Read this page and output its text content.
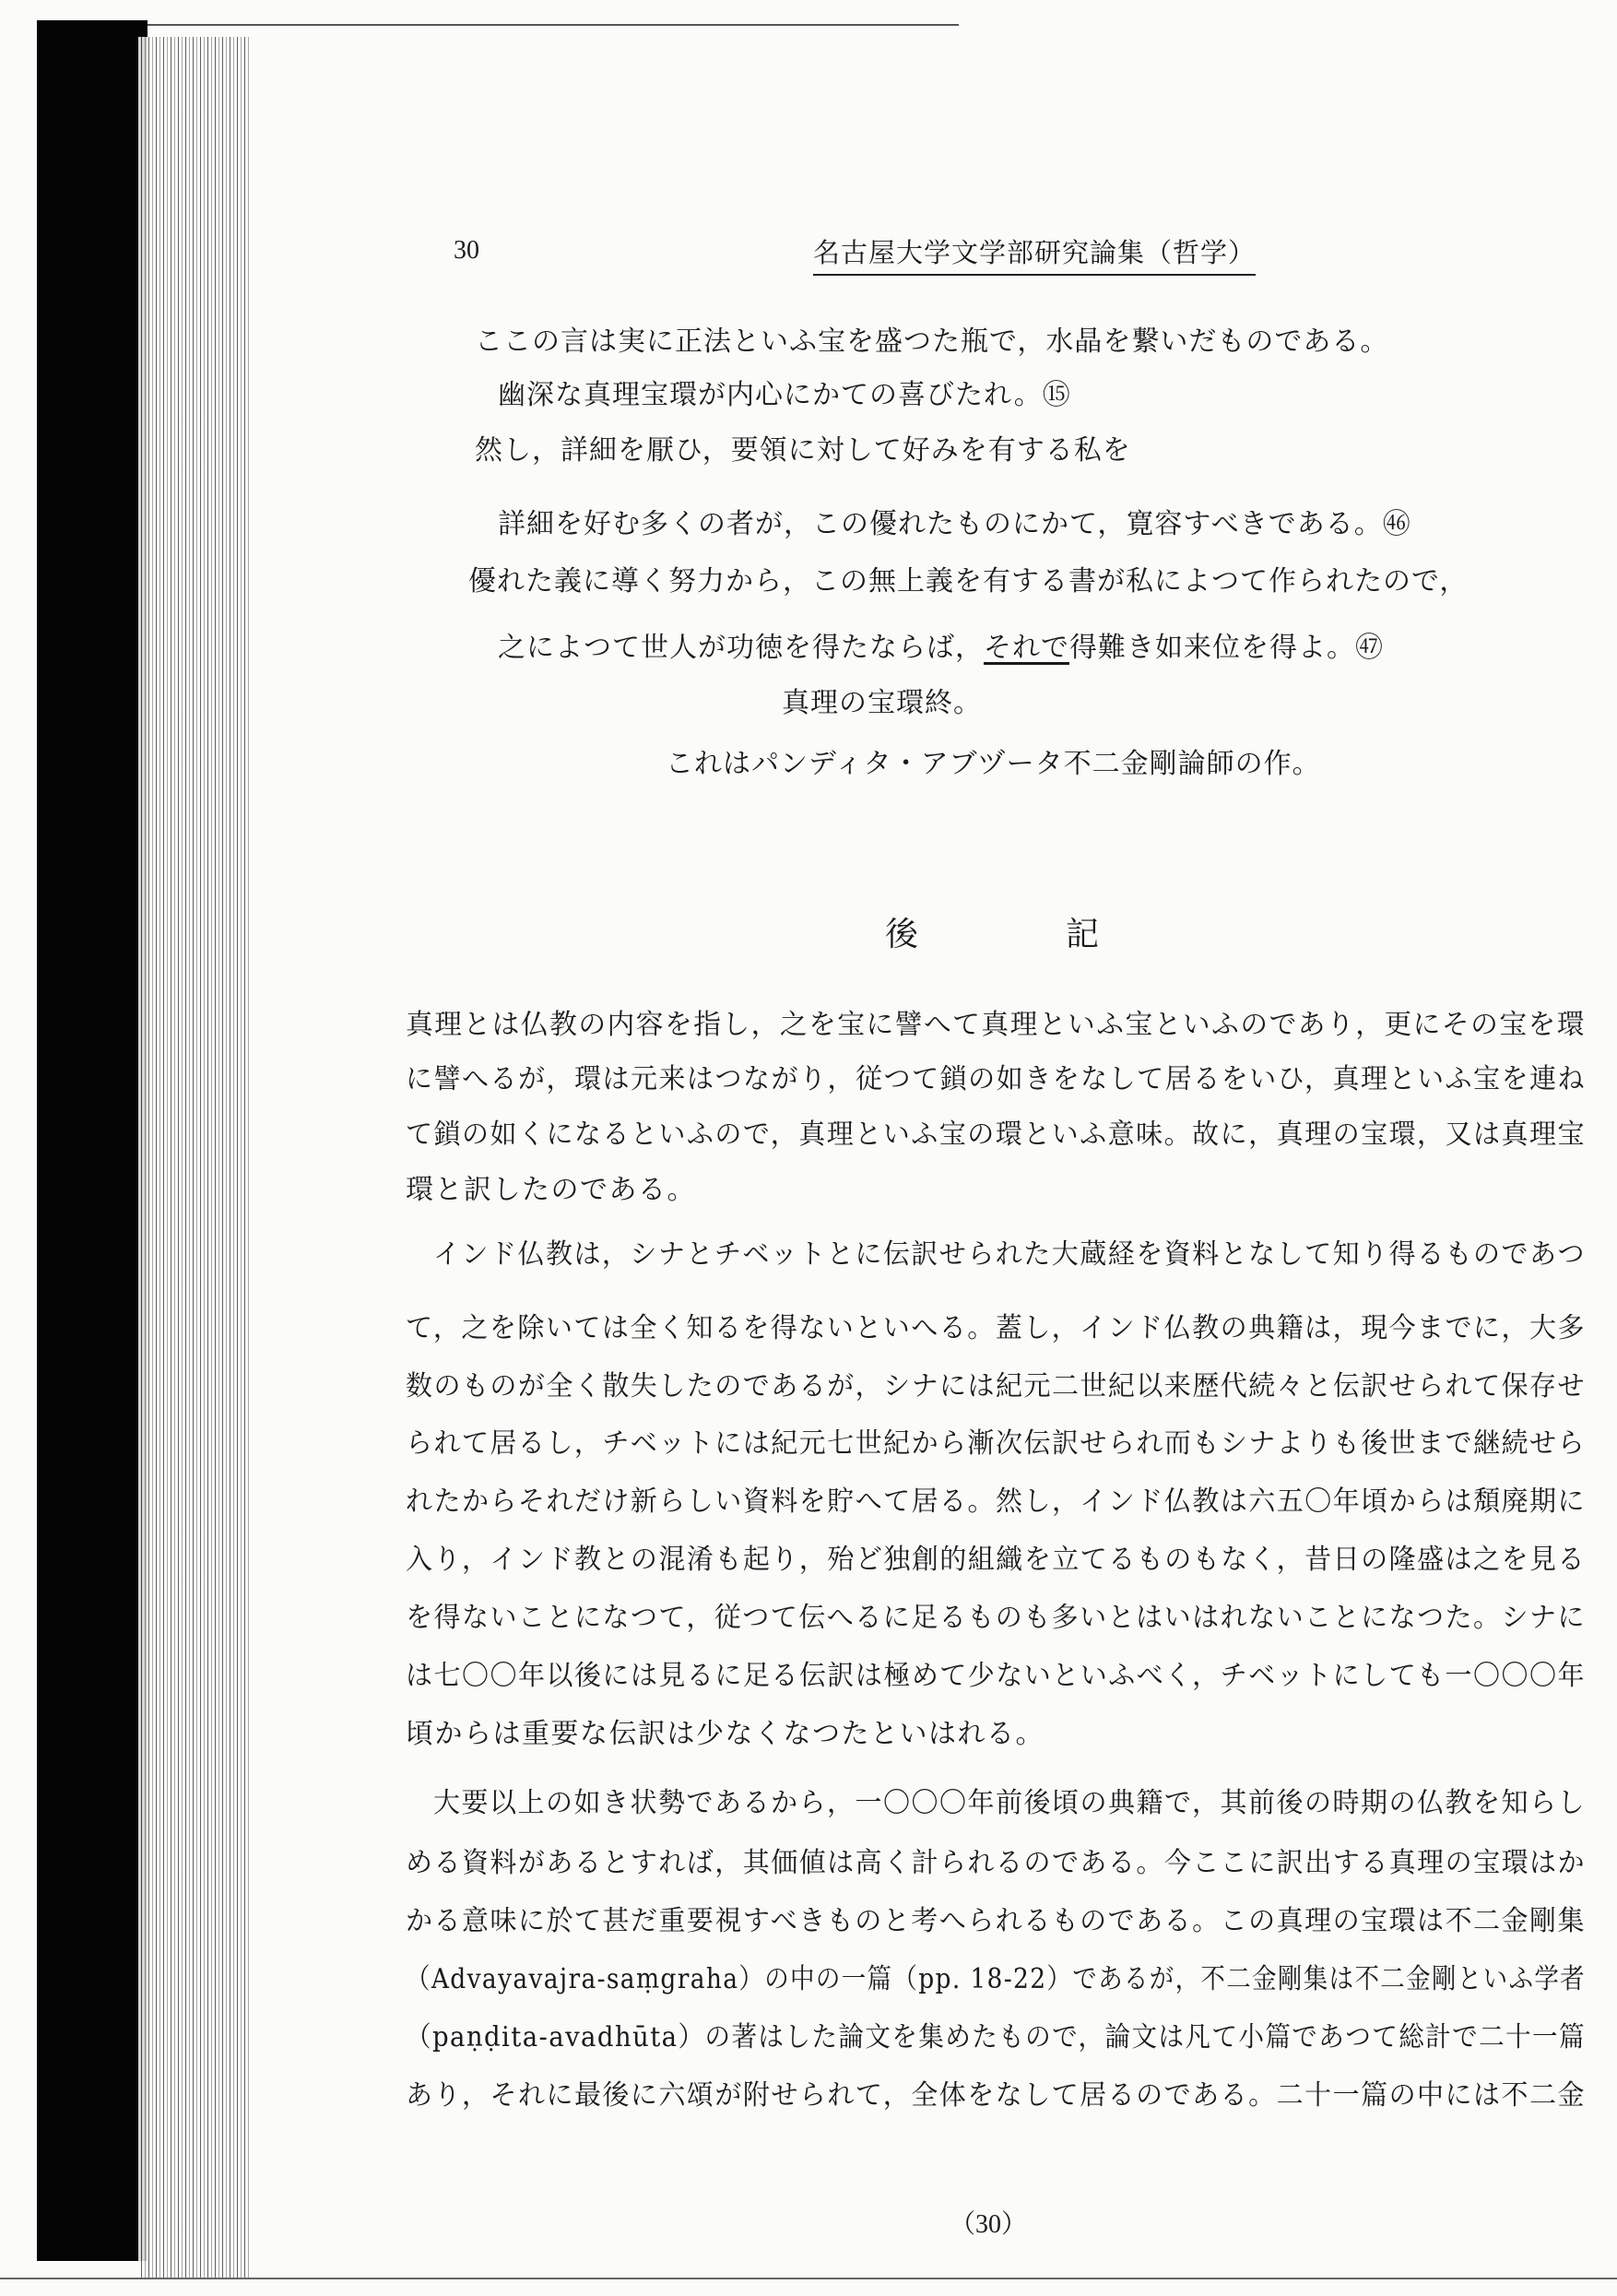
30	名古屋大学文学部研究論集（哲学）
ここの言は実に正法といふ宝を盛つた瓶で，水晶を繋いだものである。
幽深な真理宝環が内心にかての喜びたれ。⑮
然し，詳細を厭ひ，要領に対して好みを有する私を
詳細を好む多くの者が，この優れたものにかて，寛容すべきである。㊻
優れた義に導く努力から，この無上義を有する書が私によつて作られたので，
之によつて世人が功徳を得たならば，それで得難き如来位を得よ。㊼
真理の宝環終。
これはパンディタ・アブヅータ不二金剛論師の作。
後記
真理とは仏教の内容を指し，之を宝に譬へて真理といふ宝といふのであり，更にその宝を環
に譬へるが，環は元来はつながり，従つて鎖の如きをなして居るをいひ，真理といふ宝を連ね
て鎖の如くになるといふので，真理といふ宝の環といふ意味。故に，真理の宝環，又は真理宝
環と訳したのである。
インド仏教は，シナとチベットとに伝訳せられた大蔵経を資料となして知り得るものであつ
て，之を除いては全く知るを得ないといへる。蓋し，インド仏教の典籍は，現今までに，大多
数のものが全く散失したのであるが，シナには紀元二世紀以来歴代続々と伝訳せられて保存せ
られて居るし，チベットには紀元七世紀から漸次伝訳せられ而もシナよりも後世まで継続せら
れたからそれだけ新らしい資料を貯へて居る。然し，インド仏教は六五〇年頃からは頽廃期に
入り，インド教との混淆も起り，殆ど独創的組織を立てるものもなく，昔日の隆盛は之を見る
を得ないことになつて，従つて伝へるに足るものも多いとはいはれないことになつた。シナに
は七〇〇年以後には見るに足る伝訳は極めて少ないといふべく，チベットにしても一〇〇〇年
頃からは重要な伝訳は少なくなつたといはれる。
大要以上の如き状勢であるから，一〇〇〇年前後頃の典籍で，其前後の時期の仏教を知らし
める資料があるとすれば，其価値は高く計られるのである。今ここに訳出する真理の宝環はか
かる意味に於て甚だ重要視すべきものと考へられるものである。この真理の宝環は不二金剛集
（Advayavajra-saṃgraha）の中の一篇（pp. 18-22）であるが，不二金剛集は不二金剛といふ学者
（paṇḍita-avadhūta）の著はした論文を集めたもので，論文は凡て小篇であつて総計で二十一篇
あり，それに最後に六頌が附せられて，全体をなして居るのである。二十一篇の中には不二金
（30）
